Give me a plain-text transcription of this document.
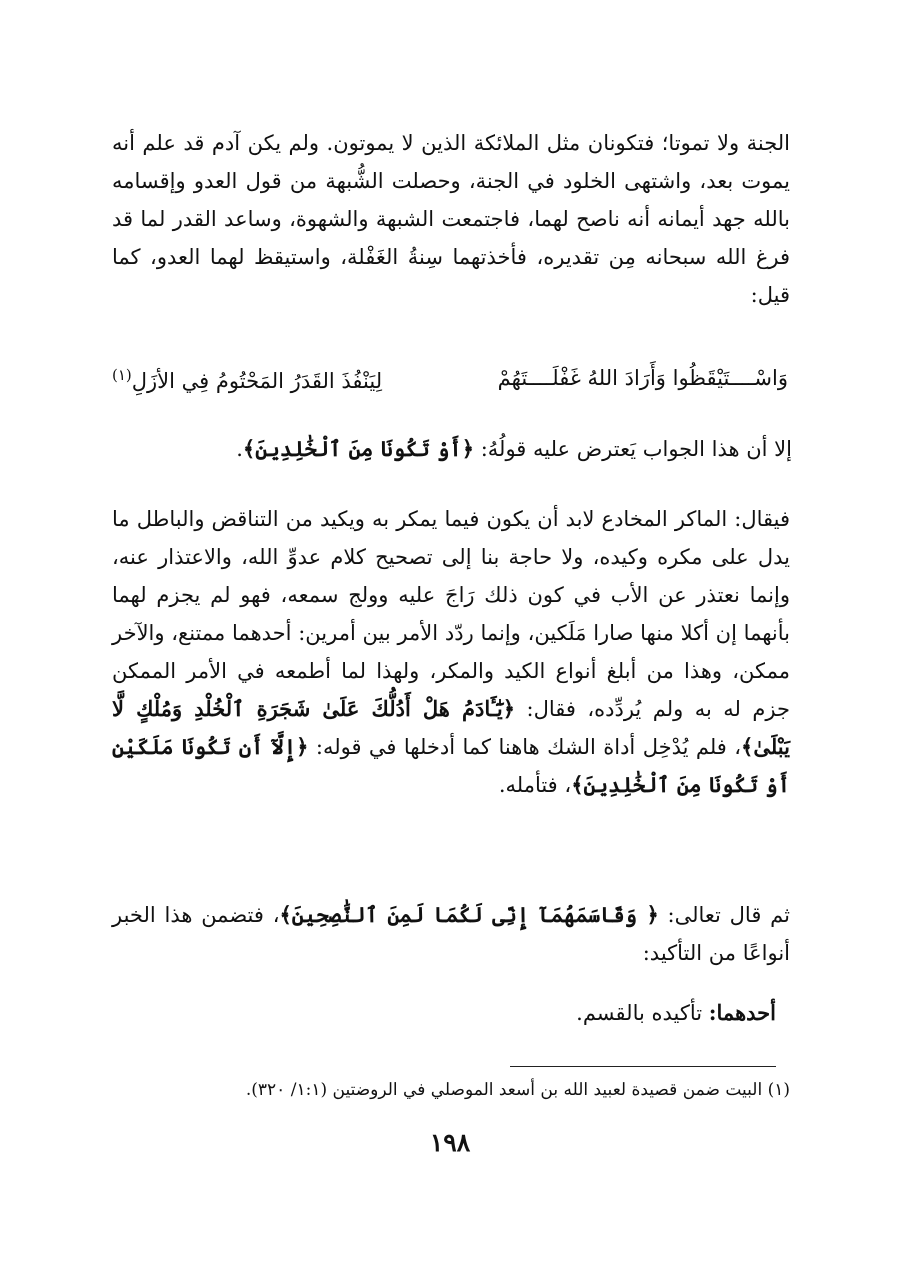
الجنة ولا تموتا؛ فتكونان مثل الملائكة الذين لا يموتون. ولم يكن آدم قد علم أنه يموت بعد، واشتهى الخلود في الجنة، وحصلت الشُّبهة من قول العدو وإقسامه بالله جهد أيمانه أنه ناصح لهما، فاجتمعت الشبهة والشهوة، وساعد القدر لما قد فرغ الله سبحانه مِن تقديره، فأخذتهما سِنةُ الغَفْلة، واستيقظ لهما العدو، كما قيل:

وَاسْــــتَيْقَظُوا وَأَرَادَ اللهُ غَفْلَــــتَهُمْ
لِيَنْفُذَ القَدَرُ المَحْتُومُ فِي الأزَلِ$^{(١)}$
إلا أن هذا الجواب يَعترض عليه قولُهُ: ﴿أَوْ تَكُونَا مِنَ ٱلْخَٰلِدِينَ﴾.

فيقال: الماكر المخادع لابد أن يكون فيما يمكر به ويكيد من التناقض والباطل ما يدل على مكره وكيده، ولا حاجة بنا إلى تصحيح كلام عدوِّ الله، والاعتذار عنه، وإنما نعتذر عن الأب في كون ذلك رَاجَ عليه وولج سمعه، فهو لم يجزم لهما بأنهما إن أكلا منها صارا مَلَكين، وإنما ردّد الأمر بين أمرين: أحدهما ممتنع، والآخر ممكن، وهذا من أبلغ أنواع الكيد والمكر، ولهذا لما أطمعه في الأمر الممكن جزم له به ولم يُردِّده، فقال: ﴿يَٰٓـَٔادَمُ هَلْ أَدُلُّكَ عَلَىٰ شَجَرَةِ ٱلْخُلْدِ وَمُلْكٍ لَّا يَبْلَىٰ﴾، فلم يُدْخِل أداة الشك هاهنا كما أدخلها في قوله: ﴿إِلَّآ أَن تَكُونَا مَلَكَيْنِ أَوْ تَكُونَا مِنَ ٱلْخَٰلِدِينَ﴾، فتأمله.

ثم قال تعالى: ﴿ وَقَاسَمَهُمَآ إِنِّى لَكُمَا لَمِنَ ٱلنَّٰصِحِينَ﴾، فتضمن هذا الخبر أنواعًا من التأكيد:

أحدهما: تأكيده بالقسم.
(١) البيت ضمن قصيدة لعبيد الله بن أسعد الموصلي في الروضتين (١:١/ ٣٢٠).
١٩٨
